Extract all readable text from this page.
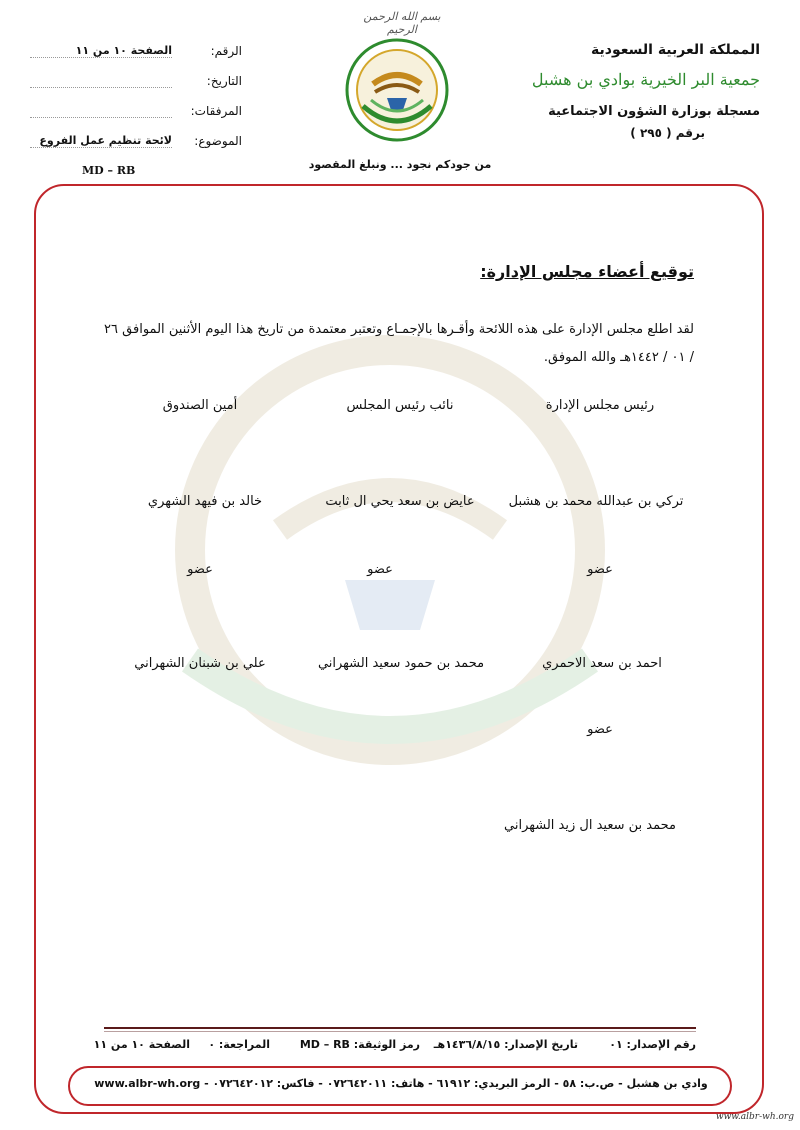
المملكة العربية السعودية
جمعية البر الخيرية بوادي بن هشبل
مسجلة بوزارة الشؤون الاجتماعية
برقم ( ٢٩٥ )
بسم الله الرحمن الرحيم
من جودكم نجود ... ونبلغ المقصود
الرقم:
الصفحة ١٠ من ١١
التاريخ:
المرفقات:
الموضوع:
لائحة تنظيم عمل الفروع
MD – RB
توقيع أعضاء مجلس الإدارة:
لقد اطلع مجلس الإدارة على هذه اللائحة وأقـرها بالإجمـاع وتعتبر معتمدة من تاريخ هذا اليوم الأثنين الموافق ٢٦ / ٠١ / ١٤٤٢هـ والله الموفق.
رئيس مجلس الإدارة
نائب رئيس المجلس
أمين الصندوق
تركي بن عبدالله محمد بن هشبل
عايض بن سعد يحي ال ثابت
خالد بن فيهد الشهري
عضو
عضو
عضو
احمد بن سعد الاحمري
محمد بن حمود سعيد الشهراني
علي بن شبنان الشهراني
عضو
محمد بن سعيد ال زيد الشهراني
رقم الإصدار: ٠١
تاريخ الإصدار: ١٤٣٦/٨/١٥هـ
رمز الوثيقة: MD – RB
المراجعة: ٠
الصفحة ١٠ من ١١
وادي بن هشبل - ص.ب: ٥٨ - الرمز البريدي: ٦١٩١٢ - هاتف: ٠٧٢٦٤٢٠١١ - فاكس: ٠٧٢٦٤٢٠١٢ - www.albr-wh.org
www.albr-wh.org
